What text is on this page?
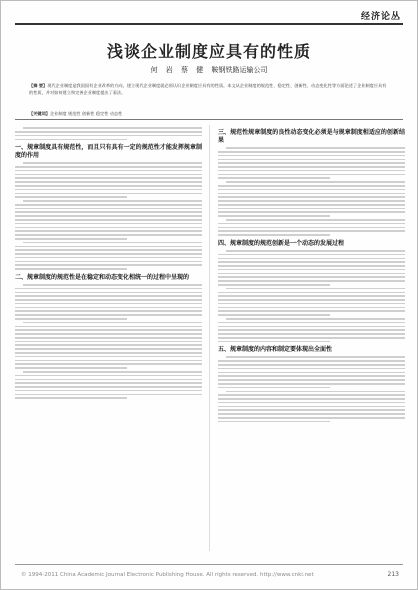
经济论丛
浅谈企业制度应具有的性质
何 岩 蔡 健 鞍钢铁路运输公司
【摘 要】现代企业制度是我国国有企业改革的方向，建立现代企业制度就必须认识企业制度应具有的性质。本文从企业制度的规范性、稳定性、创新性、动态变化性等方面论述了企业制度应具有的性质，并对如何建立和完善企业制度提出了看法。
【关键词】企业制度 规范性 创新性 稳定性 动态性
一、规章制度具有规范性，而且只有具有一定的规范性才能发挥规章制度的作用
二、规章制度的规范性是在稳定和动态变化相统一的过程中呈现的
三、规范性规章制度的良性动态变化必须是与规章制度相适应的创新结果
四、规章制度的规范创新是一个动态的发展过程
五、规章制度的内容和制定要体现出全面性
© 1994-2011 China Academic Journal Electronic Publishing House. All rights reserved. http://www.cnki.net	213
